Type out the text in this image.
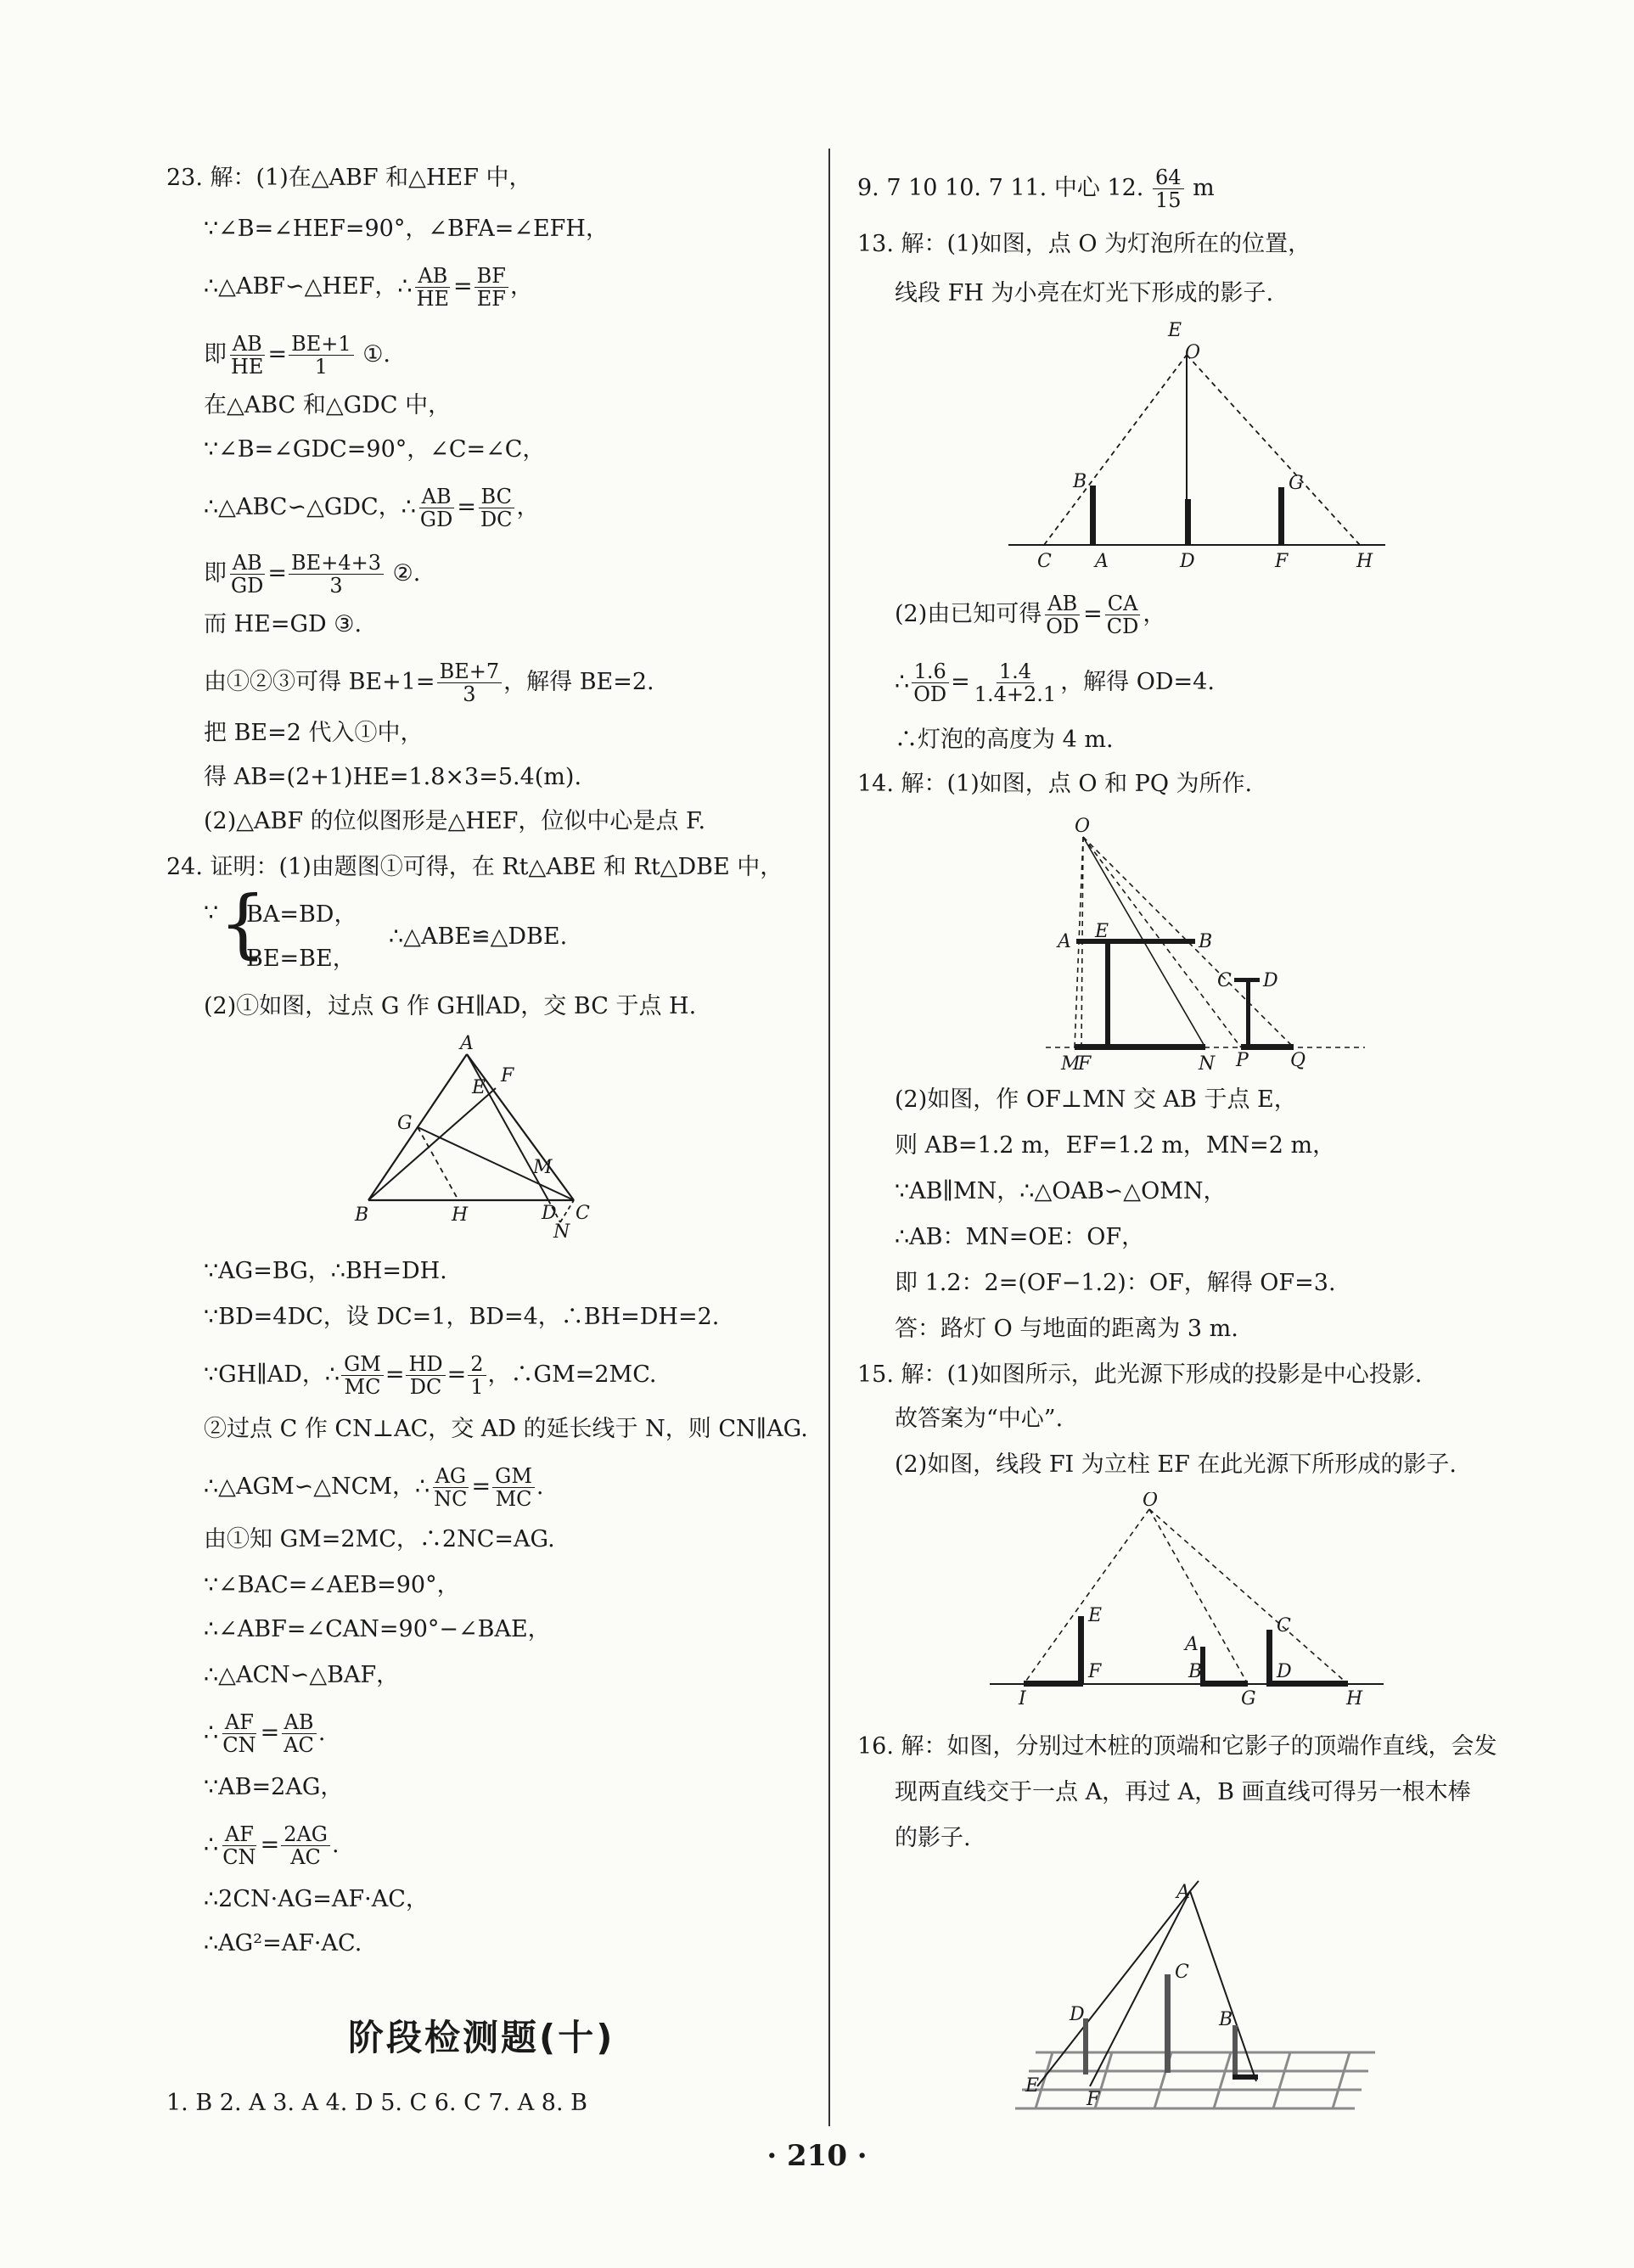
23. 解：(1)在△ABF 和△HEF 中，
∵∠B=∠HEF=90°，∠BFA=∠EFH，
∴△ABF∽△HEF，∴ $\frac{AB}{HE} = \frac{BF}{EF}$ ，
即 $\frac{AB}{HE} = \frac{BE+1}{1}$ ①.
在△ABC 和△GDC 中，
∵∠B=∠GDC=90°，∠C=∠C，
∴△ABC∽△GDC，∴ $\frac{AB}{GD} = \frac{BC}{DC}$ ，
即 $\frac{AB}{GD} = \frac{BE+4+3}{3}$ ②.
而 HE=GD ③.
由①②③可得 $BE+1= \frac{BE+7}{3}$ ，解得 BE=2.
把 BE=2 代入①中，
得 AB=(2+1)HE=1.8×3=5.4(m).
(2)△ABF 的位似图形是△HEF，位似中心是点 F.
24. 证明：(1)由题图①可得，在 Rt△ABE 和 Rt△DBE 中，
∵ {
BA=BD，
BE=BE，
∴△ABE≌△DBE.
(2)①如图，过点 G 作 GH∥AD，交 BC 于点 H.
A
B	C
D
E
F
G
H
M
N
∵AG=BG，∴BH=DH.
∵BD=4DC，设 DC=1，BD=4，∴BH=DH=2.
∵GH∥AD，∴ $\frac{GM}{MC} = \frac{HD}{DC} = \frac{2}{1}$ ，∴GM=2MC.
②过点 C 作 CN⊥AC，交 AD 的延长线于 N，则 CN∥AG.
∴△AGM∽△NCM，∴ $\frac{AG}{NC} = \frac{GM}{MC}$ .
由①知 GM=2MC，∴2NC=AG.
∵∠BAC=∠AEB=90°，
∴∠ABF=∠CAN=90°−∠BAE，
∴△ACN∽△BAF，
∴ $\frac{AF}{CN} = \frac{AB}{AC}$ .
∵AB=2AG，
∴ $\frac{AF}{CN} = \frac{2AG}{AC}$ .
∴2CN·AG=AF·AC，
∴AG²=AF·AC.
1. B 2. A 3. A 4. D 5. C 6. C 7. A 8. B
阶段检测题(十)
9. 7 10 10. 7 11. 中心 12. $\frac{64}{15}$ m
13. 解：(1)如图，点 O 为灯泡所在的位置，
线段 FH 为小亮在灯光下形成的影子.
E
O
B	G
C A	D	F	H
(2)由已知可得 $\frac{AB}{OD} = \frac{CA}{CD}$ ，
∴ $\frac{1.6}{OD} = \frac{1.4}{1.4+2.1}$ ，解得 OD=4.
∴灯泡的高度为 4 m.
14. 解：(1)如图，点 O 和 PQ 为所作.
O
A E	B
C D
M
F	N P Q
(2)如图，作 OF⊥MN 交 AB 于点 E，
则 AB=1.2 m，EF=1.2 m，MN=2 m，
∵AB∥MN，∴△OAB∽△OMN，
∴AB：MN=OE：OF，
即 1.2：2=(OF−1.2)：OF，解得 OF=3.
答：路灯 O 与地面的距离为 3 m.
15. 解：(1)如图所示，此光源下形成的投影是中心投影.
故答案为“中心”.
(2)如图，线段 FI 为立柱 EF 在此光源下所形成的影子.
O
E
F
I
A
B
G
C
D
H
16. 解：如图，分别过木桩的顶端和它影子的顶端作直线，会发
现两直线交于一点 A，再过 A，B 画直线可得另一根木棒
的影子.
A
C
D	B
E
F
· 210 ·
